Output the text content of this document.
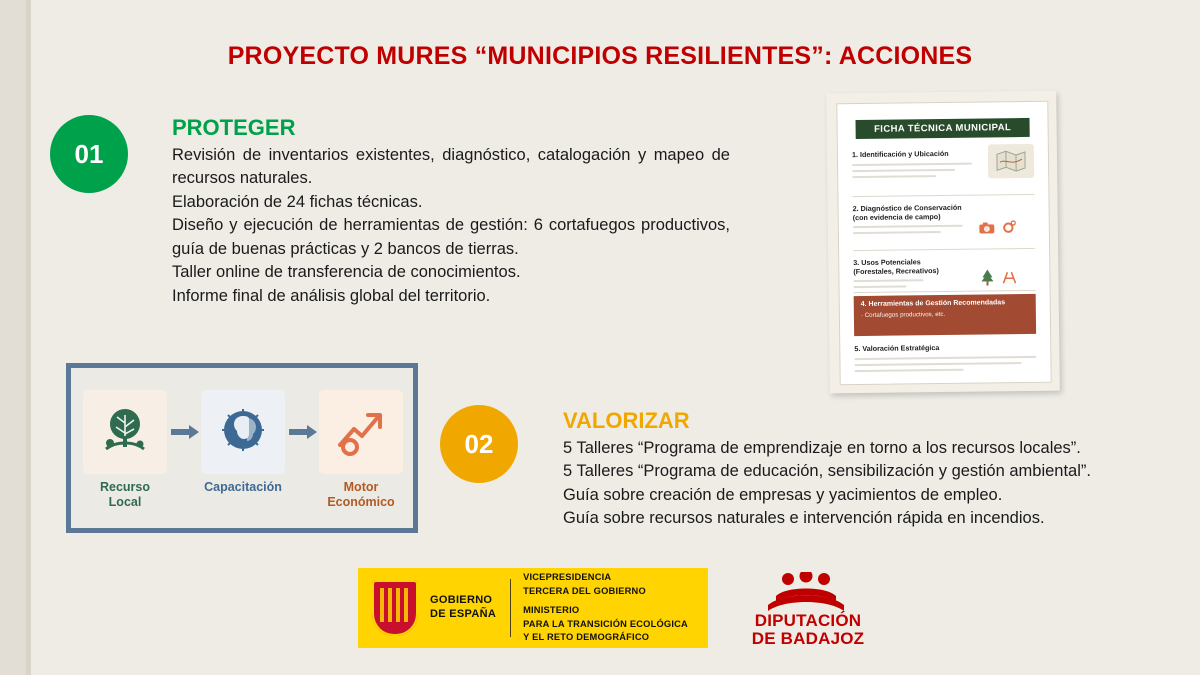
PROYECTO MURES “MUNICIPIOS RESILIENTES”: ACCIONES
01
PROTEGER
Revisión de inventarios existentes, diagnóstico, catalogación y mapeo de recursos naturales.
Elaboración de 24 fichas técnicas.
Diseño y ejecución de herramientas de gestión: 6 cortafuegos productivos, guía de buenas prácticas y 2 bancos de tierras.
Taller online de transferencia de conocimientos.
Informe final de análisis global del territorio.
02
VALORIZAR
5 Talleres “Programa de emprendizaje en torno a los recursos locales”.
5 Talleres “Programa de educación, sensibilización y gestión ambiental”.
Guía sobre creación de empresas y yacimientos de empleo.
Guía sobre recursos naturales e intervención rápida en incendios.
FICHA TÉCNICA MUNICIPAL
1. Identificación y Ubicación
2. Diagnóstico de Conservación
(con evidencia de campo)
3. Usos Potenciales
(Forestales, Recreativos)
4. Herramientas de Gestión Recomendadas
· Cortafuegos productivos, etc.
5. Valoración Estratégica
Recurso
Local
Capacitación	Motor
Económico
GOBIERNO
DE ESPAÑA
VICEPRESIDENCIA
TERCERA DEL GOBIERNO
MINISTERIO
PARA LA TRANSICIÓN ECOLÓGICA
Y EL RETO DEMOGRÁFICO
DIPUTACIÓN
DE BADAJOZ
